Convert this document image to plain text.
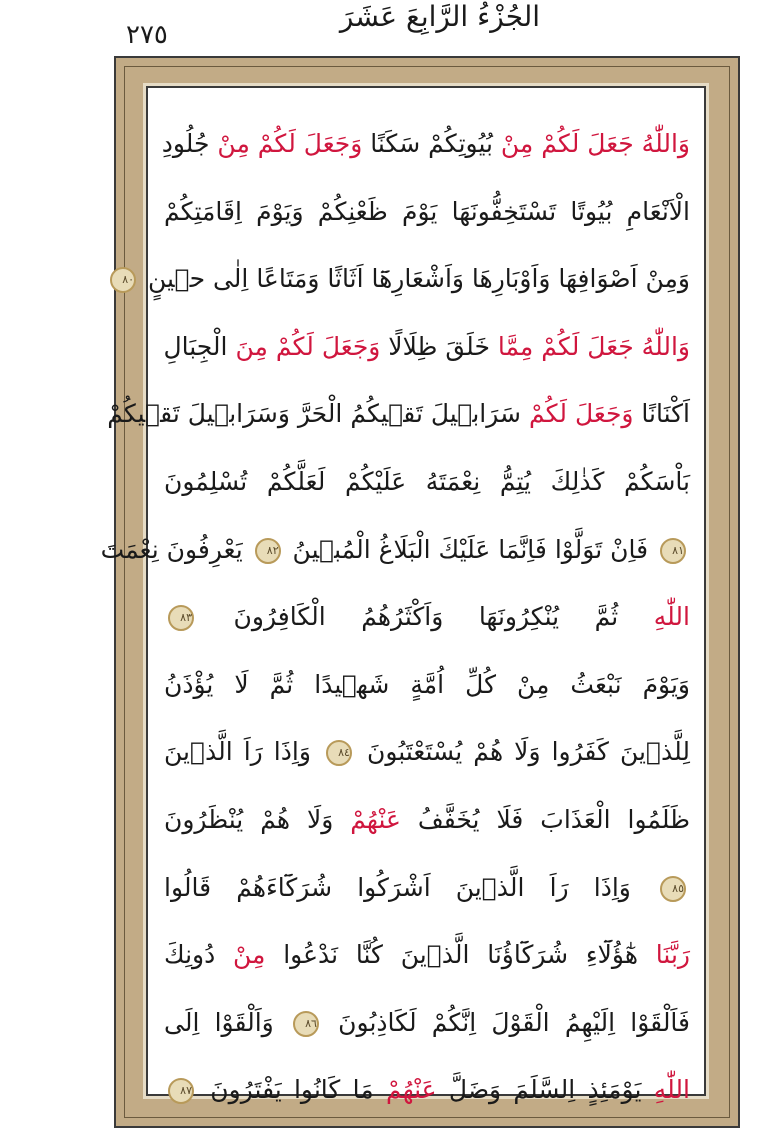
٢٧٥
الجُزْءُ الرَّابِعَ عَشَرَ
وَاللّٰهُ جَعَلَ لَكُمْ مِنْ بُيُوتِكُمْ سَكَنًا وَجَعَلَ لَكُمْ مِنْ جُلُودِ
الْاَنْعَامِ بُيُوتًا تَسْتَخِفُّونَهَا يَوْمَ ظَعْنِكُمْ وَيَوْمَ اِقَامَتِكُمْ
وَمِنْ اَصْوَافِهَا وَاَوْبَارِهَا وَاَشْعَارِهَٓا اَثَاثًا وَمَتَاعًا اِلٰى حٖينٍ ٨٠
وَاللّٰهُ جَعَلَ لَكُمْ مِمَّا خَلَقَ ظِلَالًا وَجَعَلَ لَكُمْ مِنَ الْجِبَالِ
اَكْنَانًا وَجَعَلَ لَكُمْ سَرَابٖيلَ تَقٖيكُمُ الْحَرَّ وَسَرَابٖيلَ تَقٖيكُمْ
بَاْسَكُمْ كَذٰلِكَ يُتِمُّ نِعْمَتَهُ عَلَيْكُمْ لَعَلَّكُمْ تُسْلِمُونَ
٨١ فَاِنْ تَوَلَّوْا فَاِنَّمَا عَلَيْكَ الْبَلَاغُ الْمُبٖينُ ٨٢ يَعْرِفُونَ نِعْمَتَ
اللّٰهِ ثُمَّ يُنْكِرُونَهَا وَاَكْثَرُهُمُ الْكَافِرُونَ ٨٣
وَيَوْمَ نَبْعَثُ مِنْ كُلِّ اُمَّةٍ شَهٖيدًا ثُمَّ لَا يُؤْذَنُ
لِلَّذٖينَ كَفَرُوا وَلَا هُمْ يُسْتَعْتَبُونَ ٨٤ وَاِذَا رَاَ الَّذٖينَ
ظَلَمُوا الْعَذَابَ فَلَا يُخَفَّفُ عَنْهُمْ وَلَا هُمْ يُنْظَرُونَ
٨٥ وَاِذَا رَاَ الَّذٖينَ اَشْرَكُوا شُرَكَٓاءَهُمْ قَالُوا
رَبَّنَا هٰٓؤُلَٓاءِ شُرَكَٓاؤُنَا الَّذٖينَ كُنَّا نَدْعُوا مِنْ دُونِكَ
فَاَلْقَوْا اِلَيْهِمُ الْقَوْلَ اِنَّكُمْ لَكَاذِبُونَ ٨٦ وَاَلْقَوْا اِلَى
اللّٰهِ يَوْمَئِذٍ اِلسَّلَمَ وَضَلَّ عَنْهُمْ مَا كَانُوا يَفْتَرُونَ ٨٧
